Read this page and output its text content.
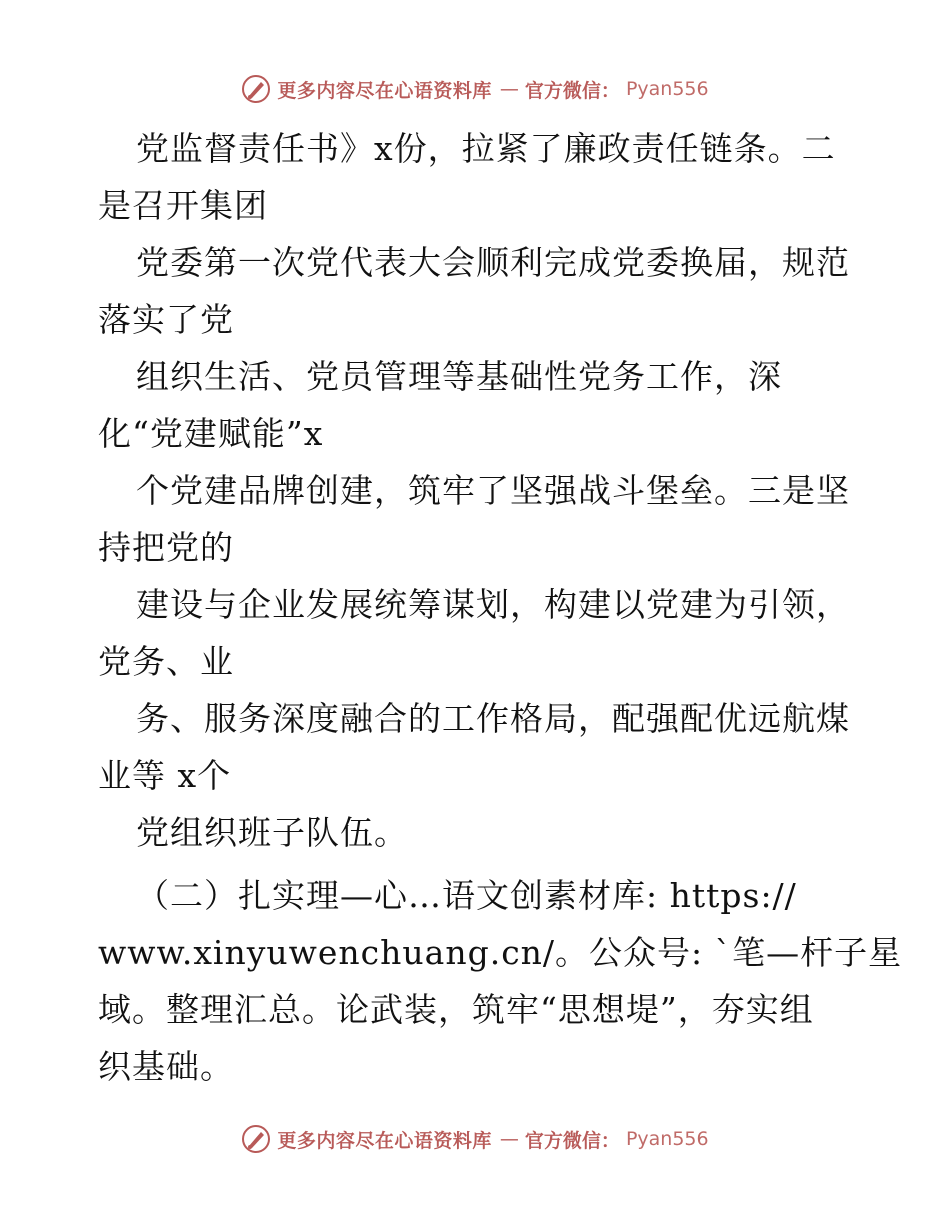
更多内容尽在心语资料库 — 官方微信： Pyan556
党监督责任书》x份，拉紧了廉政责任链条。二
是召开集团
党委第一次党代表大会顺利完成党委换届，规范
落实了党
组织生活、党员管理等基础性党务工作，深
化“党建赋能”x
个党建品牌创建，筑牢了坚强战斗堡垒。三是坚
持把党的
建设与企业发展统筹谋划，构建以党建为引领，
党务、业
务、服务深度融合的工作格局，配强配优远航煤
业等 x个
党组织班子队伍。
（二）扎实理—心…语文创素材库: https://
www.xinyuwenchuang.cn/。公众号: `笔—杆子星
域。整理汇总。论武装，筑牢“思想堤”，夯实组
织基础。
更多内容尽在心语资料库 — 官方微信： Pyan556
